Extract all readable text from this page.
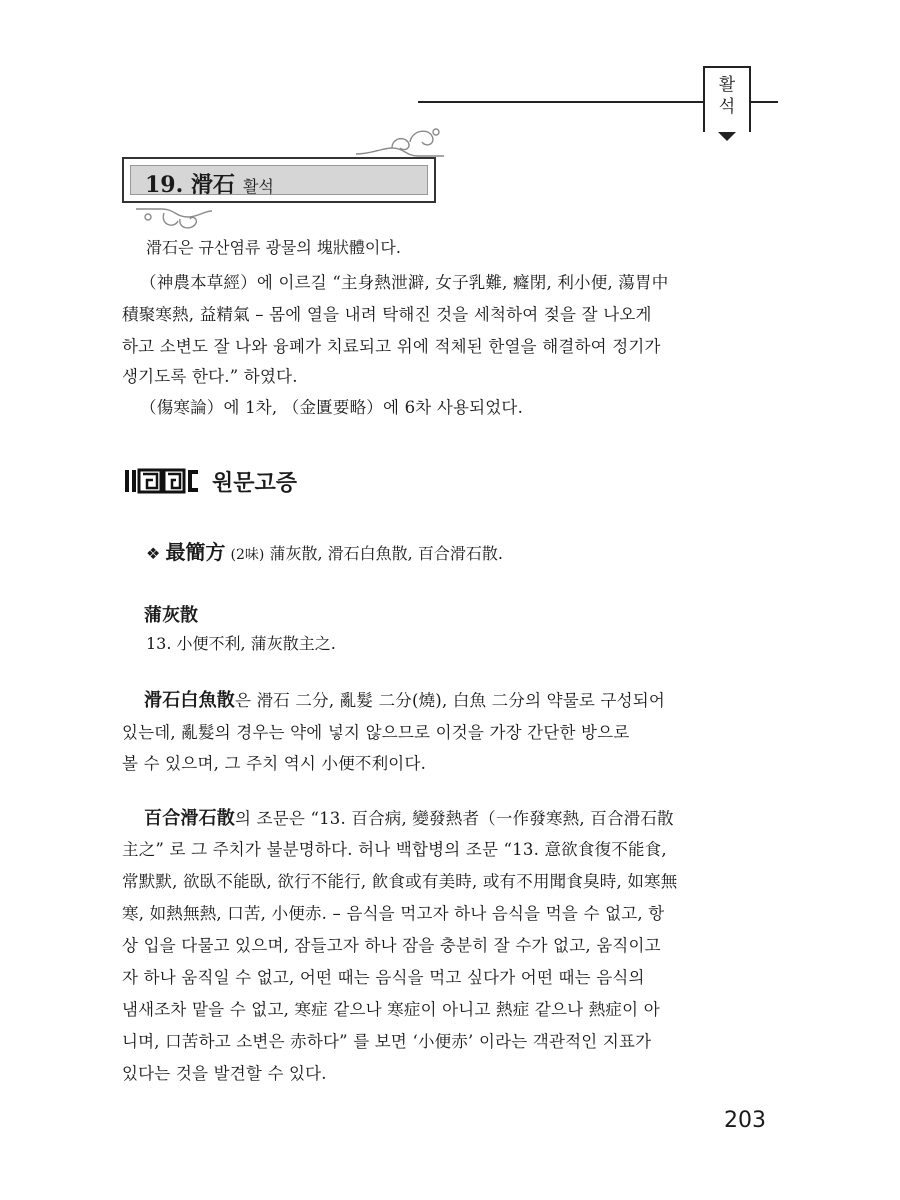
활
석
19. 滑石 활석
滑石은 규산염류 광물의 塊狀體이다.
（神農本草經）에 이르길 “主身熱泄澼, 女子乳難, 癃閉, 利小便, 蕩胃中
積聚寒熱, 益精氣 – 몸에 열을 내려 탁해진 것을 세척하여 젖을 잘 나오게
하고 소변도 잘 나와 융폐가 치료되고 위에 적체된 한열을 해결하여 정기가
생기도록 한다.” 하였다.
（傷寒論）에 1차, （金匱要略）에 6차 사용되었다.
원문고증
❖ 最簡方 (2味) 蒲灰散, 滑石白魚散, 百合滑石散.
蒲灰散
13. 小便不利, 蒲灰散主之.
滑石白魚散은 滑石 二分, 亂髮 二分(燒), 白魚 二分의 약물로 구성되어
있는데, 亂髮의 경우는 약에 넣지 않으므로 이것을 가장 간단한 방으로
볼 수 있으며, 그 주치 역시 小便不利이다.
百合滑石散의 조문은 “13. 百合病, 變發熱者（一作發寒熱, 百合滑石散
主之” 로 그 주치가 불분명하다. 허나 백합병의 조문 “13. 意欲食復不能食,
常默默, 欲臥不能臥, 欲行不能行, 飮食或有美時, 或有不用聞食臭時, 如寒無
寒, 如熱無熱, 口苦, 小便赤. – 음식을 먹고자 하나 음식을 먹을 수 없고, 항
상 입을 다물고 있으며, 잠들고자 하나 잠을 충분히 잘 수가 없고, 움직이고
자 하나 움직일 수 없고, 어떤 때는 음식을 먹고 싶다가 어떤 때는 음식의
냄새조차 맡을 수 없고, 寒症 같으나 寒症이 아니고 熱症 같으나 熱症이 아
니며, 口苦하고 소변은 赤하다” 를 보면 ‘小便赤’ 이라는 객관적인 지표가
있다는 것을 발견할 수 있다.
203
